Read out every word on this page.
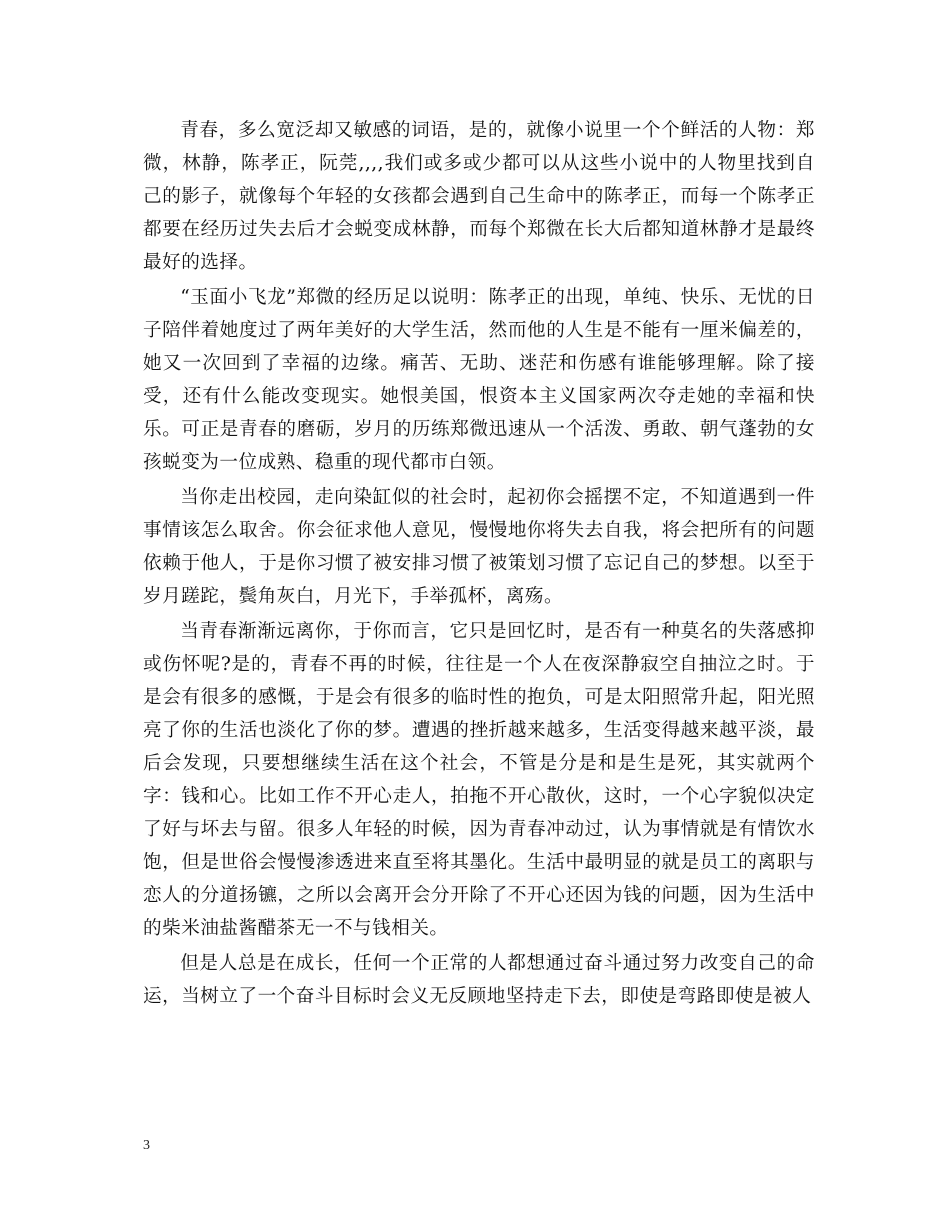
青春，多么宽泛却又敏感的词语，是的，就像小说里一个个鲜活的人物：郑微，林静，陈孝正，阮莞,,,,我们或多或少都可以从这些小说中的人物里找到自己的影子，就像每个年轻的女孩都会遇到自己生命中的陈孝正，而每一个陈孝正都要在经历过失去后才会蜕变成林静，而每个郑微在长大后都知道林静才是最终最好的选择。

“玉面小飞龙”郑微的经历足以说明：陈孝正的出现，单纯、快乐、无忧的日子陪伴着她度过了两年美好的大学生活，然而他的人生是不能有一厘米偏差的，她又一次回到了幸福的边缘。痛苦、无助、迷茫和伤感有谁能够理解。除了接受，还有什么能改变现实。她恨美国，恨资本主义国家两次夺走她的幸福和快乐。可正是青春的磨砺，岁月的历练郑微迅速从一个活泼、勇敢、朝气蓬勃的女孩蜕变为一位成熟、稳重的现代都市白领。

当你走出校园，走向染缸似的社会时，起初你会摇摆不定，不知道遇到一件事情该怎么取舍。你会征求他人意见，慢慢地你将失去自我，将会把所有的问题依赖于他人，于是你习惯了被安排习惯了被策划习惯了忘记自己的梦想。以至于岁月蹉跎，鬓角灰白，月光下，手举孤杯，离殇。

当青春渐渐远离你，于你而言，它只是回忆时，是否有一种莫名的失落感抑或伤怀呢?是的，青春不再的时候，往往是一个人在夜深静寂空自抽泣之时。于是会有很多的感慨，于是会有很多的临时性的抱负，可是太阳照常升起，阳光照亮了你的生活也淡化了你的梦。遭遇的挫折越来越多，生活变得越来越平淡，最后会发现，只要想继续生活在这个社会，不管是分是和是生是死，其实就两个字：钱和心。比如工作不开心走人，拍拖不开心散伙，这时，一个心字貌似决定了好与坏去与留。很多人年轻的时候，因为青春冲动过，认为事情就是有情饮水饱，但是世俗会慢慢渗透进来直至将其墨化。生活中最明显的就是员工的离职与恋人的分道扬镳，之所以会离开会分开除了不开心还因为钱的问题，因为生活中的柴米油盐酱醋茶无一不与钱相关。

但是人总是在成长，任何一个正常的人都想通过奋斗通过努力改变自己的命运，当树立了一个奋斗目标时会义无反顾地坚持走下去，即使是弯路即使是被人

3
